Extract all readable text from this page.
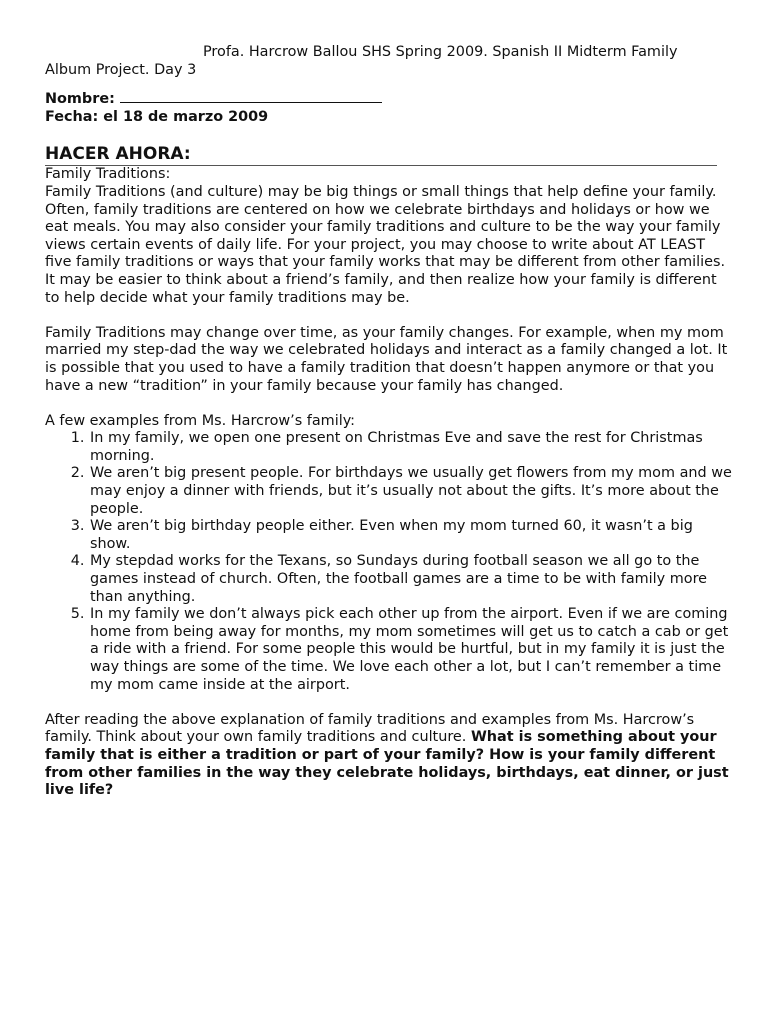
Profa. Harcrow Ballou SHS Spring 2009. Spanish II Midterm Family
Album Project. Day 3
Nombre:
Fecha: el 18 de marzo 2009
HACER AHORA:

Family Traditions:

Family Traditions (and culture) may be big things or small things that help define your family. Often, family traditions are centered on how we celebrate birthdays and holidays or how we eat meals. You may also consider your family traditions and culture to be the way your family views certain events of daily life. For your project, you may choose to write about AT LEAST five family traditions or ways that your family works that may be different from other families. It may be easier to think about a friend’s family, and then realize how your family is different to help decide what your family traditions may be.

Family Traditions may change over time, as your family changes. For example, when my mom married my step-dad the way we celebrated holidays and interact as a family changed a lot. It is possible that you used to have a family tradition that doesn’t happen anymore or that you have a new “tradition” in your family because your family has changed.

A few examples from Ms. Harcrow’s family:

1. In my family, we open one present on Christmas Eve and save the rest for Christmas morning.
2. We aren’t big present people. For birthdays we usually get flowers from my mom and we may enjoy a dinner with friends, but it’s usually not about the gifts. It’s more about the people.
3. We aren’t big birthday people either. Even when my mom turned 60, it wasn’t a big show.
4. My stepdad works for the Texans, so Sundays during football season we all go to the games instead of church. Often, the football games are a time to be with family more than anything.
5. In my family we don’t always pick each other up from the airport. Even if we are coming home from being away for months, my mom sometimes will get us to catch a cab or get a ride with a friend. For some people this would be hurtful, but in my family it is just the way things are some of the time. We love each other a lot, but I can’t remember a time my mom came inside at the airport.

After reading the above explanation of family traditions and examples from Ms. Harcrow’s family. Think about your own family traditions and culture. What is something about your family that is either a tradition or part of your family? How is your family different from other families in the way they celebrate holidays, birthdays, eat dinner, or just live life?
